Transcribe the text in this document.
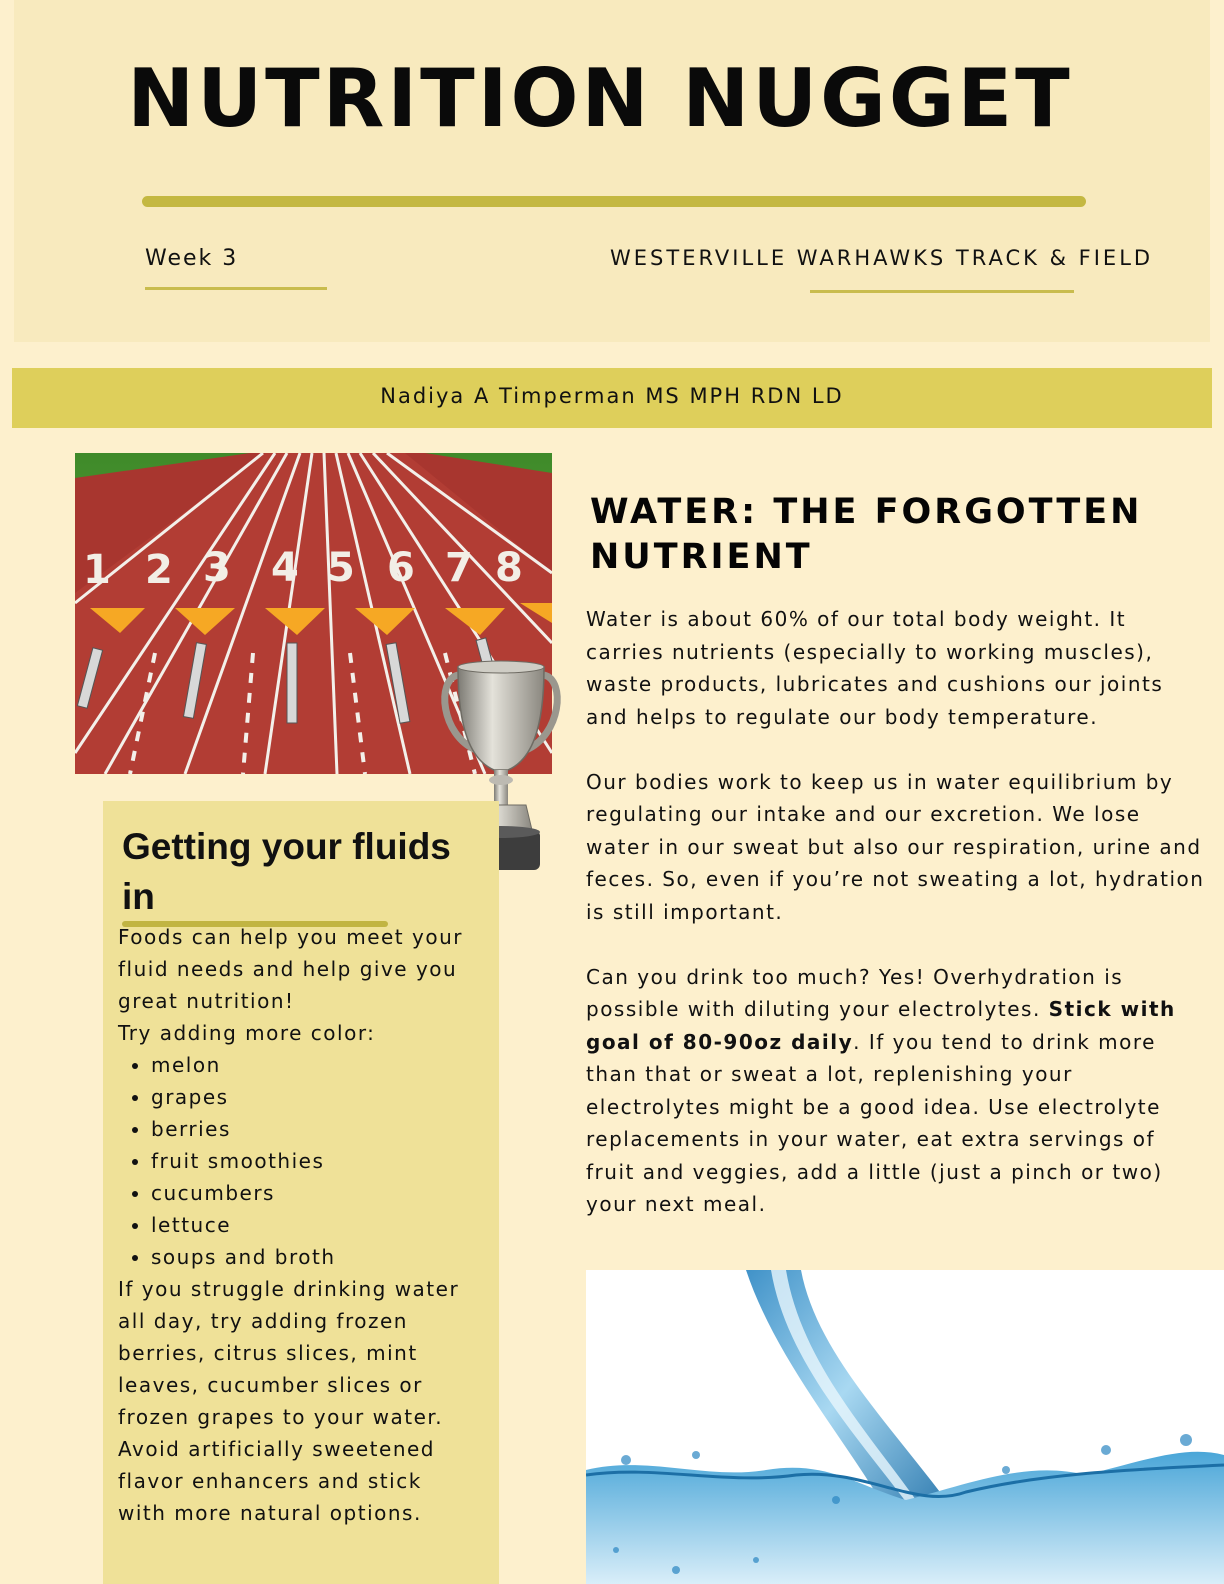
NUTRITION NUGGET
Week 3	WESTERVILLE WARHAWKS TRACK & FIELD
Nadiya A Timperman MS MPH RDN LD
1 2 3 4 5 6 7 8
Getting your fluids in

Foods can help you meet your fluid needs and help give you great nutrition!

Try adding more color:

• melon
• grapes
• berries
• fruit smoothies
• cucumbers
• lettuce
• soups and broth

If you struggle drinking water all day, try adding frozen berries, citrus slices, mint leaves, cucumber slices or frozen grapes to your water.

Avoid artificially sweetened flavor enhancers and stick with more natural options.

WATER: THE FORGOTTEN NUTRIENT

Water is about 60% of our total body weight. It carries nutrients (especially to working muscles), waste products, lubricates and cushions our joints and helps to regulate our body temperature.

Our bodies work to keep us in water equilibrium by regulating our intake and our excretion. We lose water in our sweat but also our respiration, urine and feces. So, even if you’re not sweating a lot, hydration is still important.

Can you drink too much? Yes! Overhydration is possible with diluting your electrolytes. Stick with goal of 80-90oz daily. If you tend to drink more than that or sweat a lot, replenishing your electrolytes might be a good idea. Use electrolyte replacements in your water, eat extra servings of fruit and veggies, add a little (just a pinch or two) your next meal.
